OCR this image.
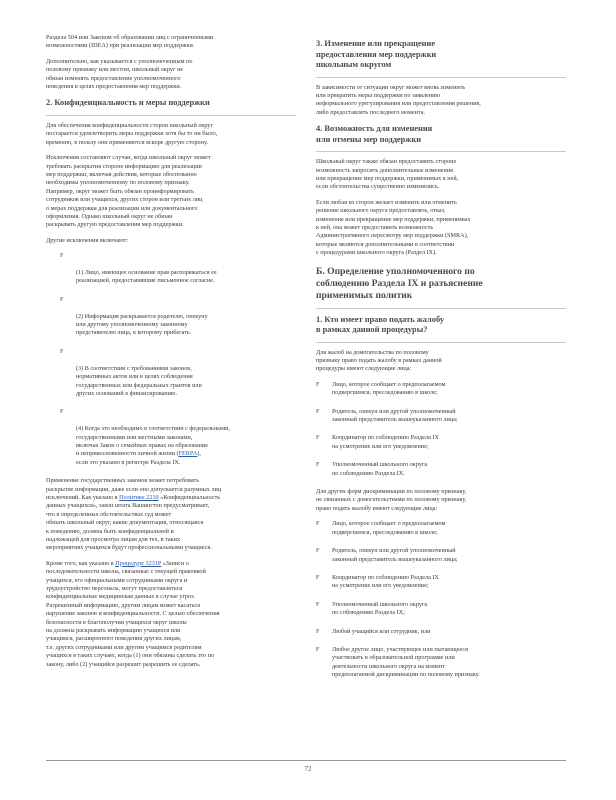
Раздела 504 или Законом об образовании лиц с ограниченными
возможностями (IDEA) при реализации мер поддержки.

Дополнительно, как указывается с уполномоченным по
половому признаку или местом, школьный округ не
обязан изменять предоставление уполномоченного
поведения в целях предоставления мер поддержки.

2. Конфиденциальность и меры поддержки

Для обеспечения конфиденциальности сторон школьный округ
постарается удовлетворить меры поддержки хотя бы то ни было,
временно, в пользу они применяются вскоре другую сторону.

Исключения составляют случаи, когда школьный округ может
требовать раскрытия стороне информацию для реализации
мер поддержки, включая действия, которые обоснованно
необходимы уполномоченному по половому признаку.
Например, округ может быть обязан проинформировать
сотрудников или учащихся, других сторон или третьих лиц
о мерах поддержки для реализации или документального
оформления. Однако школьный округ не обязан
раскрывать другую предоставления мер поддержки.

Другие исключения включают:

F

(1) Лицо, имеющее основание прав распоряжаться ее
реализацией, предоставившие письменное согласие.

F

(2) Информация раскрывается родителю, опекуну
или другому уполномоченному законному
представителю лица, к которому прибегать.

F

(3) В соответствии с требованиями законов,
нормативных актов или в целях соблюдения
государственных или федеральных грантов или
других оснований к финансированию.

F

(4) Когда это необходимо в соответствии с федеральными,
государственными или местными законами,
включая Закон о семейных правах на образование
и неприкосновенности личной жизни (FERPA),
если это указано в регистре Раздела IX.

Применение государственных законов может потребовать
раскрытие информации, даже если оно допускается разумных лиц
исключений. Как указано в Политике 2210 «Конфиденциальность
данных учащихся», закон штата Вашингтон предусматривает,
что в определенных обстоятельствах суд может
обязать школьный округ, какие документация, относящаяся
к поведению, должна быть конфиденциальной и
надлежащей для просмотра лицам для тех, в таких
мероприятиях учащихся будут профессиональными учащиеся.

Кроме того, как указано в Процедуре 3231P «Записи о
последовательности школы, связанные с текущей практикой
учащихся, его официальными сотрудниками округа и
трудоустройство персонала, могут предоставляться
конфиденциальные медицинская данных в случае угроз.
Разрешенный информацию, другим лицам может касаться
нарушение законов и конфиденциальности. С целью обеспечения
безопасности в благополучии учащихся округ школы
на должны раскрывать информацию учащихся или
учащимся, расширенного поведения других лицам,
т.е. других сотрудниками или другим учащимся родителям
учащихся в таких случаях, когда (1) они обязаны сделать это по
закону, либо (2) учащийся разрешит разрешить ее сделать.

3. Изменение или прекращение
предоставления мер поддержки
школьным округом

В зависимости от ситуации округ может вновь изменить
или прекратить меры поддержки по заявлению
неформального урегулирования или предоставления решения,
либо предоставлять последнего момента.

4. Возможность для изменения
или отмены мер поддержки

Школьный округ также обязан предоставить стороне
возможность запросить дополнительные изменения
или прекращение мер поддержки, применимых к ней,
если обстоятельства существенно изменились.

Если любая из сторон желает изменить или отменить
решение школьного округа предоставлять, отказ,
изменение или прекращение мер поддержки, применимых
к ней, она может предоставить возможность
Административного пересмотру мер поддержки (SMRA),
которые являются дополнительными в соответствии
с процедурами школьного округа (Раздел IX).

Б. Определение уполномоченного по
соблюдению Раздела IX и разъяснение
применимых политик
1. Кто имеет право подать жалобу
в рамках данной процедуры?

Для жалоб на домогательства по половому
признаку право подать жалобу в рамках данной
процедуры имеют следующие лица:

F Лицо, которое сообщает о предполагаемом
подвергшемся, преследованию в школе;
F Родитель, опекун или другой уполномоченный
законный представитель вышеуказанного лица;
F Координатор по соблюдению Раздела IX
на усмотрение или его уведомление;
F Уполномоченный школьного округа
по соблюдению Раздела IX.

Для других форм дискриминации по половому признаку,
не связанных с домогательствами по половому признаку,
право подать жалобу имеют следующие лица:

F Лицо, которое сообщает о предполагаемом
подвергшемся, преследованию в школе;
F Родитель, опекун или другой уполномоченный
законный представитель вышеуказанного лица;
F Координатор по соблюдению Раздела IX
на усмотрение или его уведомление;
F Уполномоченный школьного округа
по соблюдению Раздела IX;
F Любой учащийся или сотрудник, или
F Любое другое лицо, участвующее или пытающееся
участвовать в образовательной программе или
деятельности школьного округа на момент
предполагаемой дискриминации по половому признаку.
72
